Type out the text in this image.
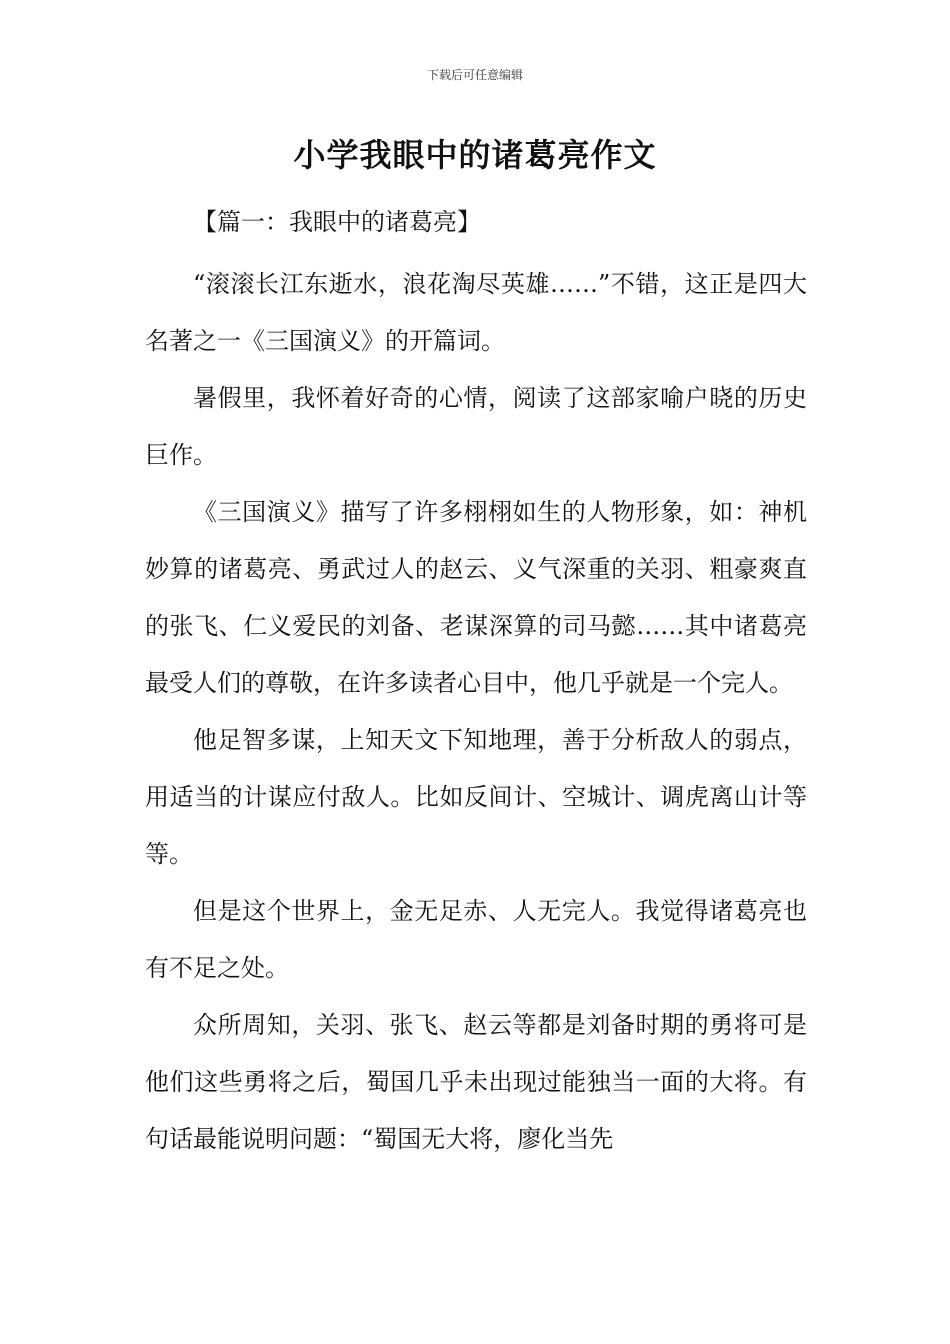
下载后可任意编辑
小学我眼中的诸葛亮作文

【篇一：我眼中的诸葛亮】

“滚滚长江东逝水，浪花淘尽英雄……”不错，这正是四大名著之一《三国演义》的开篇词。

暑假里，我怀着好奇的心情，阅读了这部家喻户晓的历史巨作。

《三国演义》描写了许多栩栩如生的人物形象，如：神机妙算的诸葛亮、勇武过人的赵云、义气深重的关羽、粗豪爽直的张飞、仁义爱民的刘备、老谋深算的司马懿……其中诸葛亮最受人们的尊敬，在许多读者心目中，他几乎就是一个完人。

他足智多谋，上知天文下知地理，善于分析敌人的弱点，用适当的计谋应付敌人。比如反间计、空城计、调虎离山计等等。

但是这个世界上，金无足赤、人无完人。我觉得诸葛亮也有不足之处。

众所周知，关羽、张飞、赵云等都是刘备时期的勇将可是他们这些勇将之后，蜀国几乎未出现过能独当一面的大将。有句话最能说明问题：“蜀国无大将，廖化当先
